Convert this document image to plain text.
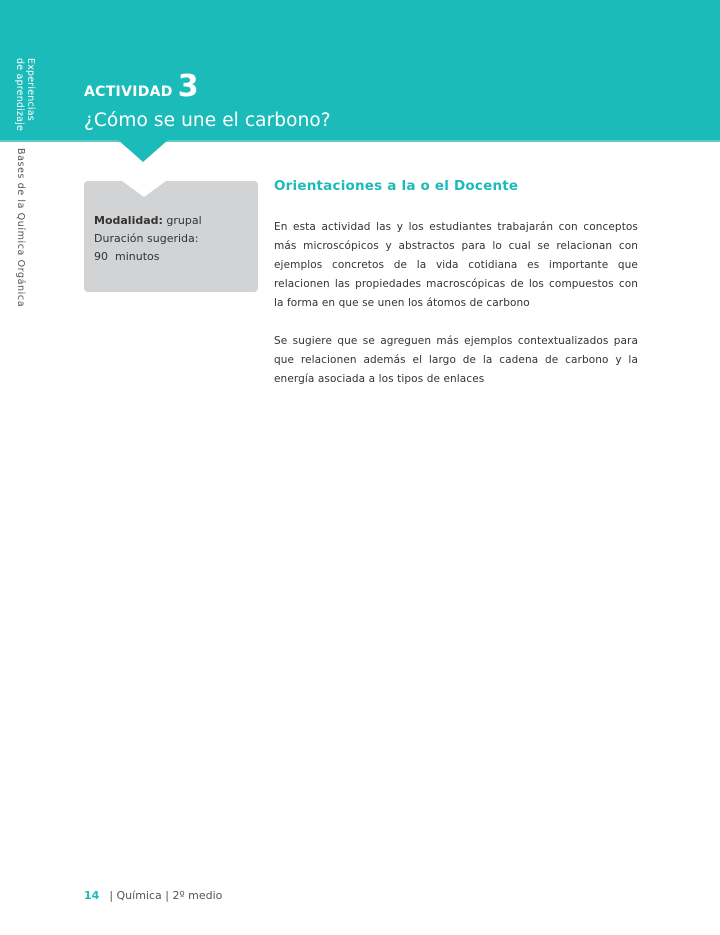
Experiencias
de aprendizaje
Bases de la Química Orgánica
ACTIVIDAD 3
¿Cómo se une el carbono?
Modalidad: grupal
Duración sugerida:
90  minutos
Orientaciones a la o el Docente

En esta actividad las y los estudiantes trabajarán con conceptos más microscópicos y abstractos para lo cual se relacionan con ejemplos concretos de la vida cotidiana es importante que relacionen las propiedades macroscópicas de los compuestos con la forma en que se unen los átomos de carbono

Se sugiere que se agreguen más ejemplos contextualizados para que relacionen además el largo de la cadena de carbono y la energía asociada a los tipos de enlaces

14 | Química | 2º medio
